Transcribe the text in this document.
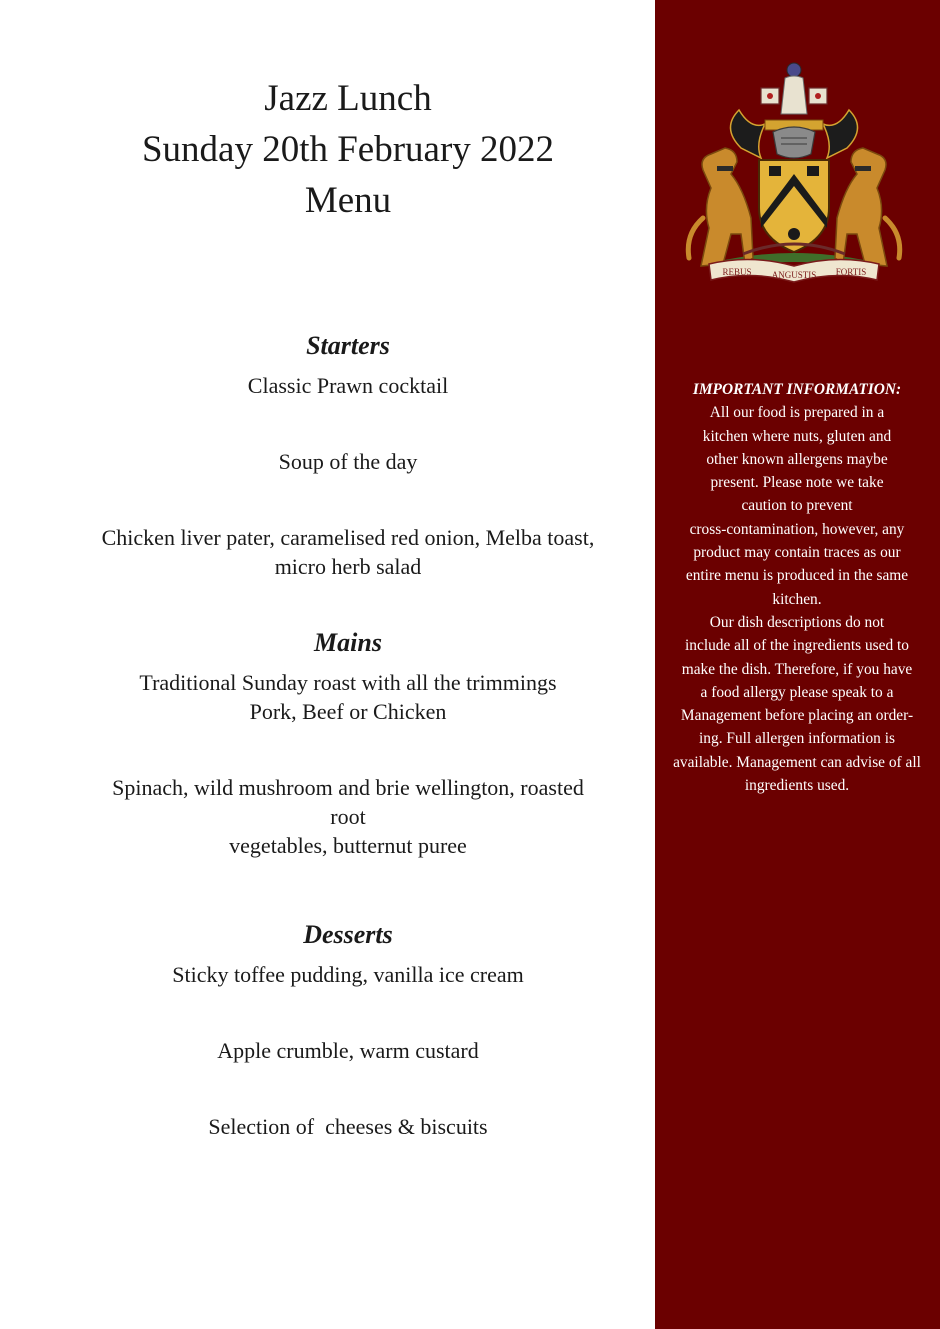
Jazz Lunch
Sunday 20th February 2022
Menu
Starters
Classic Prawn cocktail
Soup of the day
Chicken liver pater, caramelised red onion, Melba toast,
micro herb salad
Mains
Traditional Sunday roast with all the trimmings
Pork, Beef or Chicken
Spinach, wild mushroom and brie wellington, roasted
root
vegetables, butternut puree
Desserts
Sticky toffee pudding, vanilla ice cream
Apple crumble, warm custard
Selection of  cheeses & biscuits
REBUS ANGUSTIS FORTIS
IMPORTANT INFORMATION:
All our food is prepared in a
kitchen where nuts, gluten and
other known allergens maybe
present. Please note we take
caution to prevent
cross-contamination, however, any
product may contain traces as our
entire menu is produced in the same
kitchen.
Our dish descriptions do not
include all of the ingredients used to
make the dish. Therefore, if you have
a food allergy please speak to a
Management before placing an order-
ing. Full allergen information is
available. Management can advise of all
ingredients used.
